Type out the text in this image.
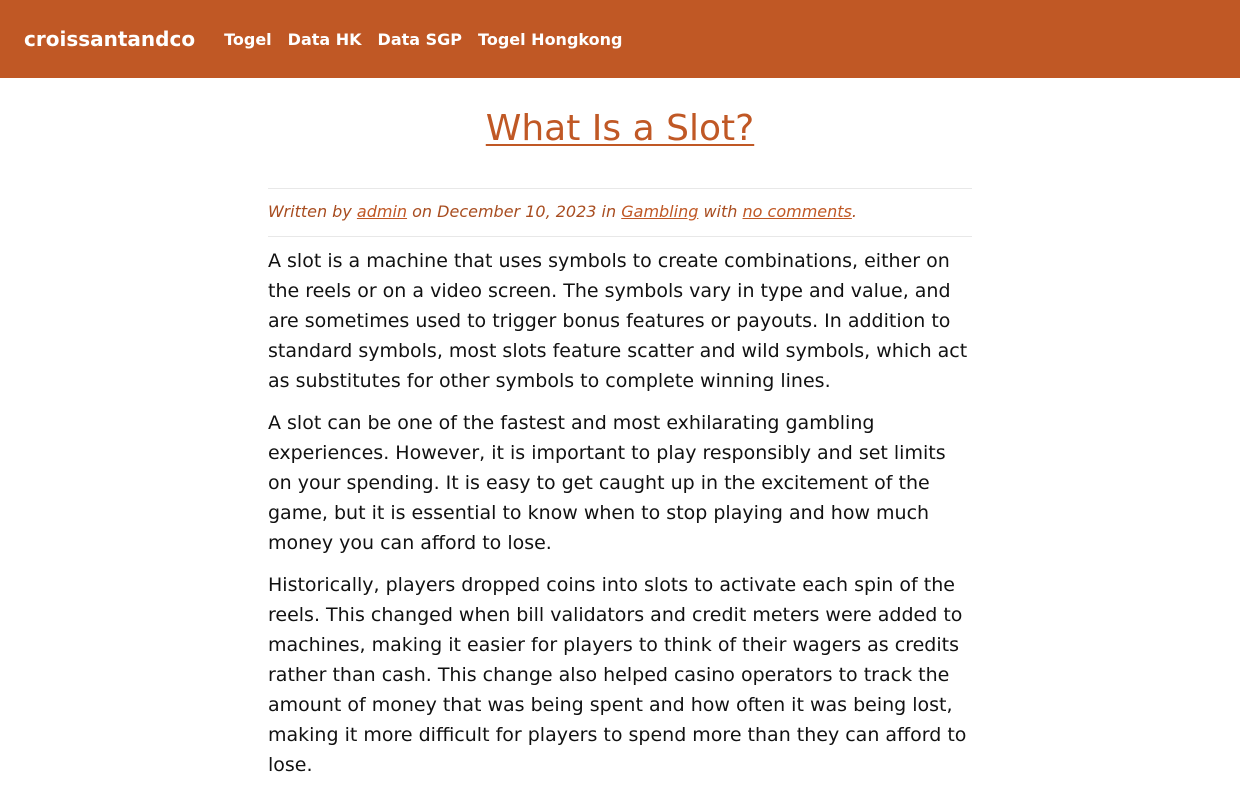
croissantandco Togel Data HK Data SGP Togel Hongkong
What Is a Slot?
Written by admin on December 10, 2023 in Gambling with no comments.

A slot is a machine that uses symbols to create combinations, either on the reels or on a video screen. The symbols vary in type and value, and are sometimes used to trigger bonus features or payouts. In addition to standard symbols, most slots feature scatter and wild symbols, which act as substitutes for other symbols to complete winning lines.

A slot can be one of the fastest and most exhilarating gambling experiences. However, it is important to play responsibly and set limits on your spending. It is easy to get caught up in the excitement of the game, but it is essential to know when to stop playing and how much money you can afford to lose.

Historically, players dropped coins into slots to activate each spin of the reels. This changed when bill validators and credit meters were added to machines, making it easier for players to think of their wagers as credits rather than cash. This change also helped casino operators to track the amount of money that was being spent and how often it was being lost, making it more difficult for players to spend more than they can afford to lose.
